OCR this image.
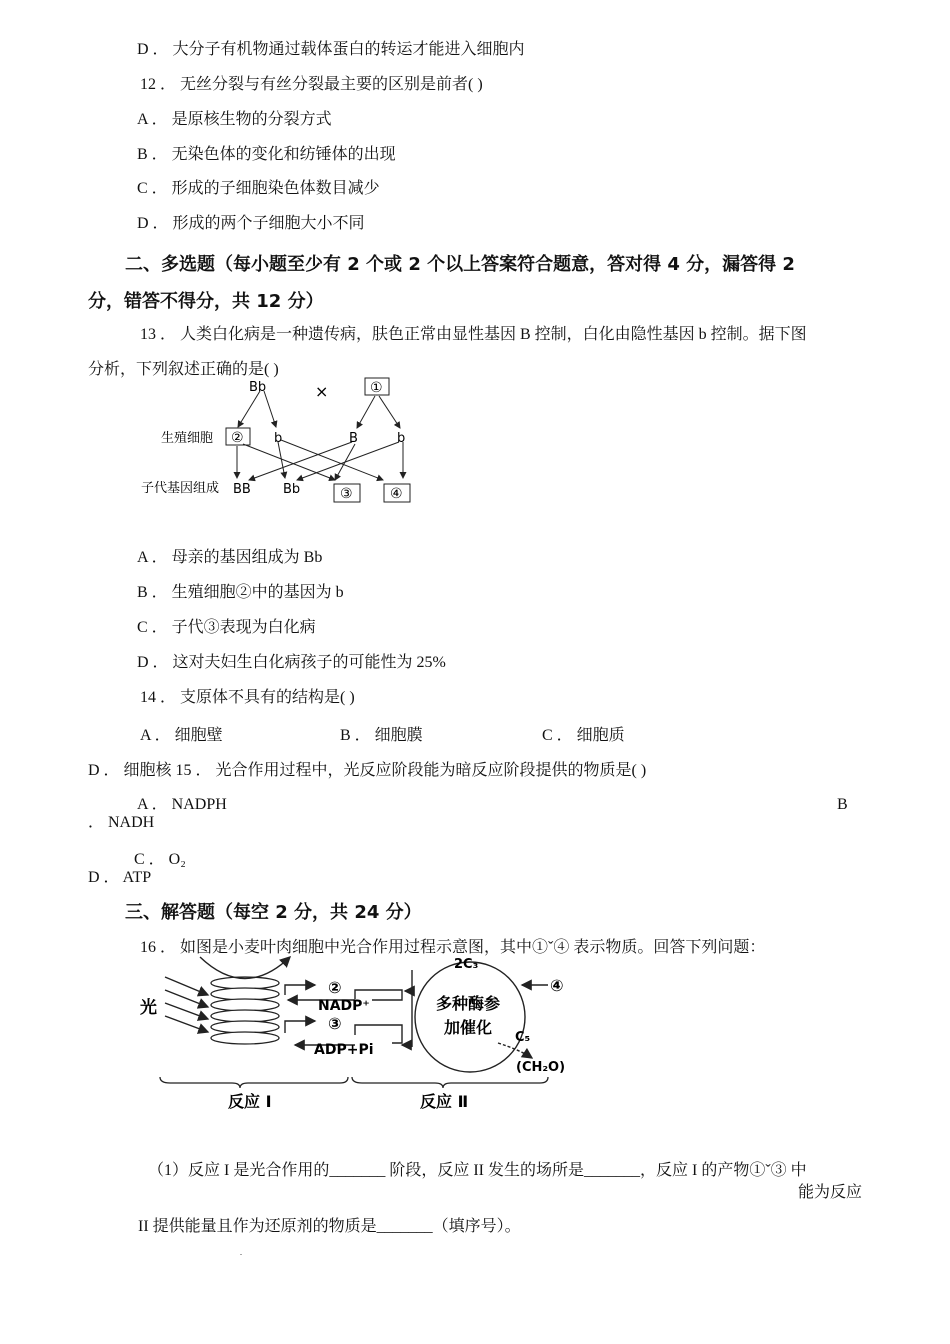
D ． 大分子有机物通过载体蛋白的转运才能进入细胞内
12 ． 无丝分裂与有丝分裂最主要的区别是前者( )
A ． 是原核生物的分裂方式
B ． 无染色体的变化和纺锤体的出现
C ． 形成的子细胞染色体数目减少
D ． 形成的两个子细胞大小不同
二、多选题（每小题至少有 2 个或 2 个以上答案符合题意，答对得 4 分，漏答得 2
分，错答不得分，共 12 分）
13 ． 人类白化病是一种遗传病，肤色正常由显性基因 B 控制，白化由隐性基因 b 控制。据下图
分析，下列叙述正确的是( )
Bb	×	①
生殖细胞 ② b	B	b
子代基因组成 BB Bb	③	④
A ． 母亲的基因组成为 Bb
B ． 生殖细胞②中的基因为 b
C ． 子代③表现为白化病
D ． 这对夫妇生白化病孩子的可能性为 25%
14 ． 支原体不具有的结构是( )
A ． 细胞壁	B ． 细胞膜	C ． 细胞质
D ． 细胞核 15 ． 光合作用过程中，光反应阶段能为暗反应阶段提供的物质是( )
A ． NADPH	B
． NADH
C ． O₂
D ． ATP
三、解答题（每空 2 分，共 24 分）
16 ． 如图是小麦叶肉细胞中光合作用过程示意图，其中①ˇ④ 表示物质。回答下列问题：
光
②
NADP⁺
③
ADP+Pi
2C₃
④
多种酶参
加催化
C₅
(CH₂O)
反应 Ⅰ	反应 Ⅱ
（1）反应 I 是光合作用的_______ 阶段，反应 II 发生的场所是_______，反应 I 的产物①ˇ③ 中
能为反应
II 提供能量且作为还原剂的物质是_______（填序号）。
.
